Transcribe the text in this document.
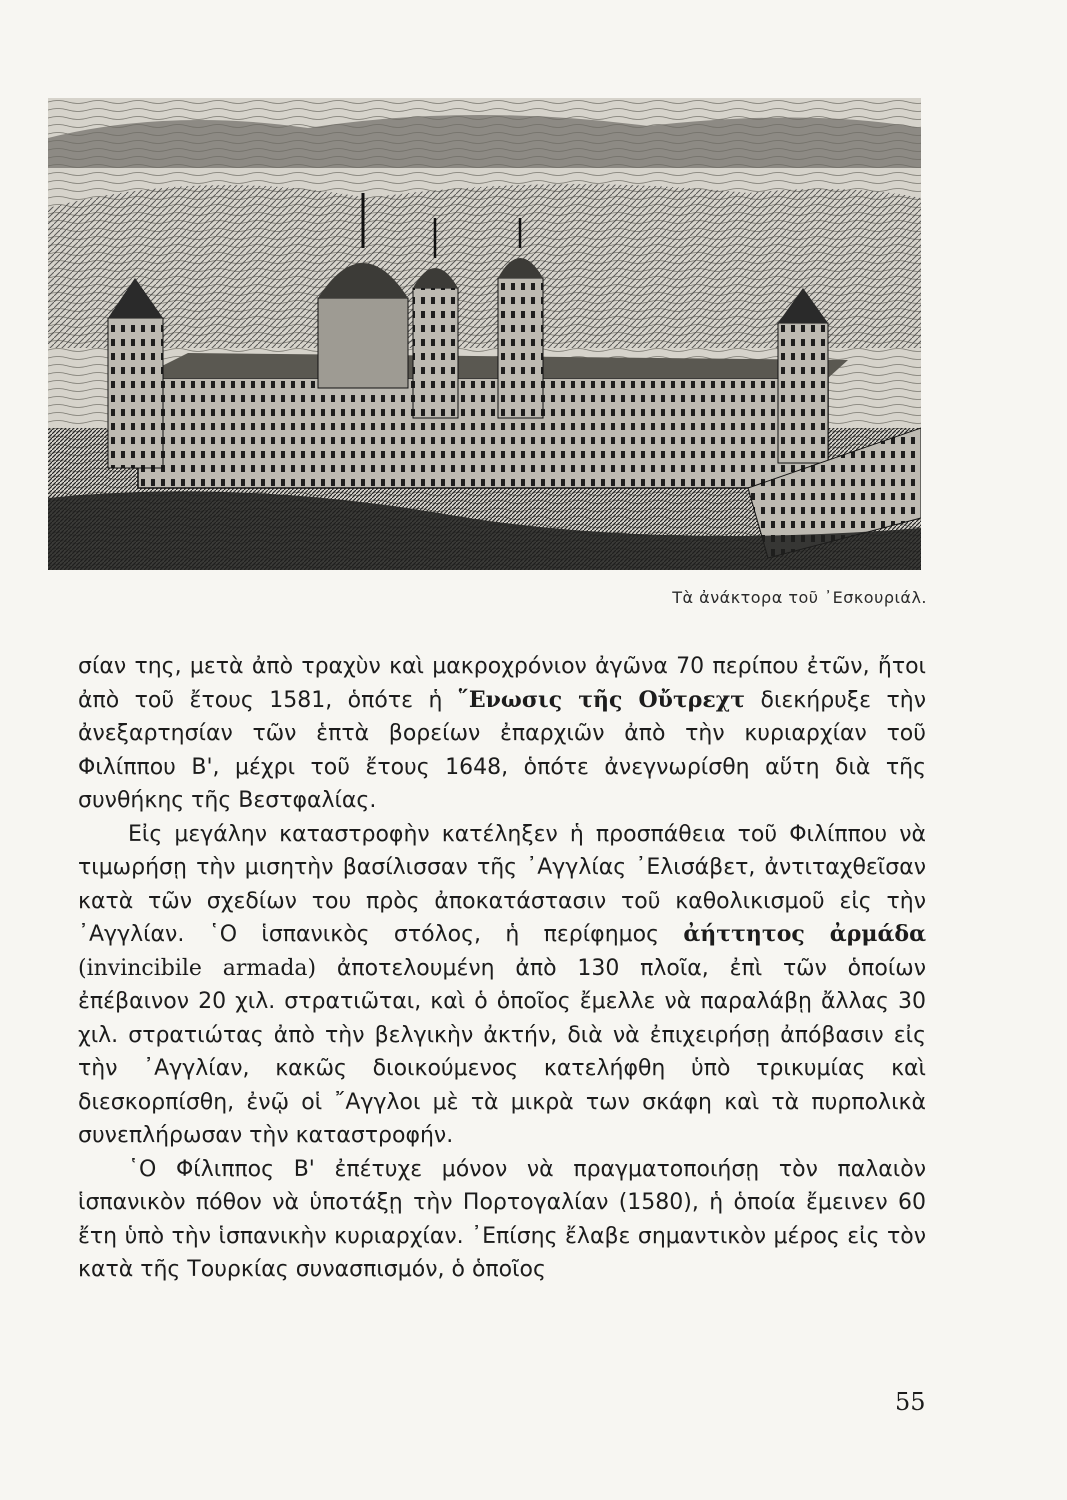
Τὰ ἀνάκτορα τοῦ ᾿Εσκουριάλ.

σίαν της, μετὰ ἀπὸ τραχὺν καὶ μακροχρόνιον ἀγῶνα 70 περίπου ἐτῶν, ἤτοι ἀπὸ τοῦ ἔτους 1581, ὁπότε ἡ ῞Ενωσις τῆς Οὔτρεχτ διεκήρυξε τὴν ἀνεξαρτησίαν τῶν ἑπτὰ βορείων ἐπαρχιῶν ἀπὸ τὴν κυριαρχίαν τοῦ Φιλίππου Β', μέχρι τοῦ ἔτους 1648, ὁπότε ἀνεγνωρίσθη αὕτη διὰ τῆς συνθήκης τῆς Βεστφαλίας.

Εἰς μεγάλην καταστροφὴν κατέληξεν ἡ προσπάθεια τοῦ Φιλίππου νὰ τιμωρήσῃ τὴν μισητὴν βασίλισσαν τῆς ᾿Αγγλίας ᾿Ελισάβετ, ἀντιταχθεῖσαν κατὰ τῶν σχεδίων του πρὸς ἀποκατάστασιν τοῦ καθολικισμοῦ εἰς τὴν ᾿Αγγλίαν. ῾Ο ἱσπανικὸς στόλος, ἡ περίφημος ἀήττητος ἀρμάδα (invincibile armada) ἀποτελουμένη ἀπὸ 130 πλοῖα, ἐπὶ τῶν ὁποίων ἐπέβαινον 20 χιλ. στρατιῶται, καὶ ὁ ὁποῖος ἔμελλε νὰ παραλάβῃ ἄλλας 30 χιλ. στρατιώτας ἀπὸ τὴν βελγικὴν ἀκτήν, διὰ νὰ ἐπιχειρήσῃ ἀπόβασιν εἰς τὴν ᾿Αγγλίαν, κακῶς διοικούμενος κατελήφθη ὑπὸ τρικυμίας καὶ διεσκορπίσθη, ἐνῷ οἱ ῎Αγγλοι μὲ τὰ μικρὰ των σκάφη καὶ τὰ πυρπολικὰ συνεπλήρωσαν τὴν καταστροφήν.

῾Ο Φίλιππος Β' ἐπέτυχε μόνον νὰ πραγματοποιήσῃ τὸν παλαιὸν ἱσπανικὸν πόθον νὰ ὑποτάξῃ τὴν Πορτογαλίαν (1580), ἡ ὁποία ἔμεινεν 60 ἔτη ὑπὸ τὴν ἱσπανικὴν κυριαρχίαν. ᾿Επίσης ἔλαβε σημαντικὸν μέρος εἰς τὸν κατὰ τῆς Τουρκίας συνασπισμόν, ὁ ὁποῖος

55
